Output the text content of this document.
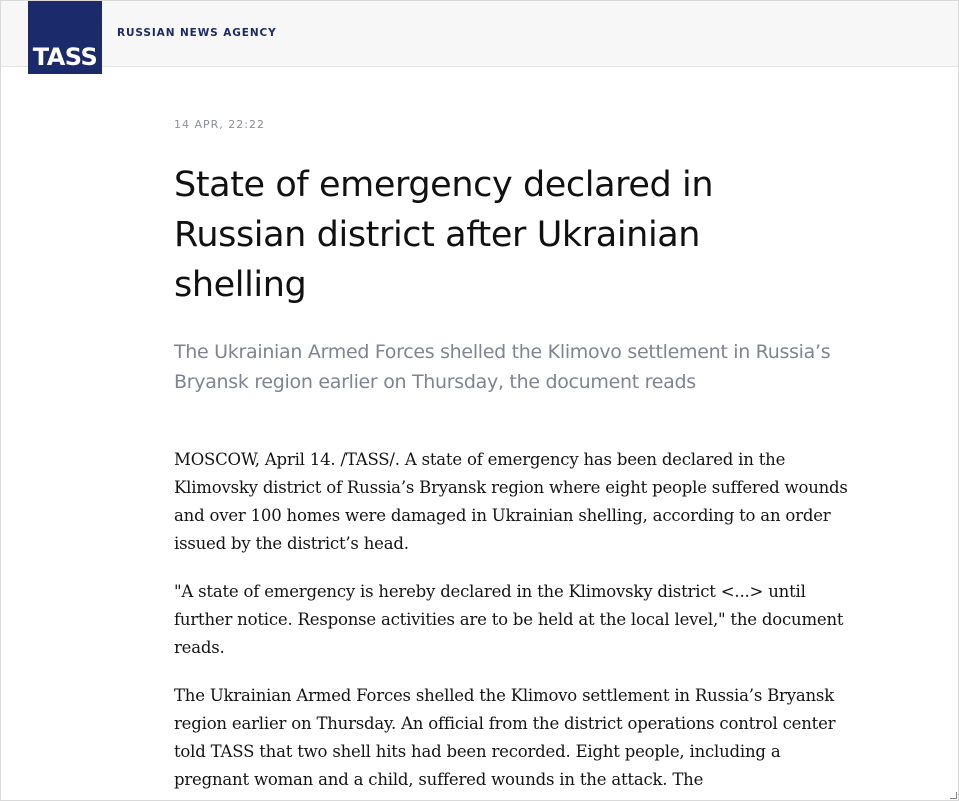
TASS
RUSSIAN NEWS AGENCY

14 APR, 22:22

State of emergency declared in Russian district after Ukrainian shelling

The Ukrainian Armed Forces shelled the Klimovo settlement in Russia’s Bryansk region earlier on Thursday, the document reads

MOSCOW, April 14. /TASS/. A state of emergency has been declared in the Klimovsky district of Russia’s Bryansk region where eight people suffered wounds and over 100 homes were damaged in Ukrainian shelling, according to an order issued by the district’s head.

"A state of emergency is hereby declared in the Klimovsky district <...> until further notice. Response activities are to be held at the local level," the document reads.

The Ukrainian Armed Forces shelled the Klimovo settlement in Russia’s Bryansk region earlier on Thursday. An official from the district operations control center told TASS that two shell hits had been recorded. Eight people, including a pregnant woman and a child, suffered wounds in the attack. The
